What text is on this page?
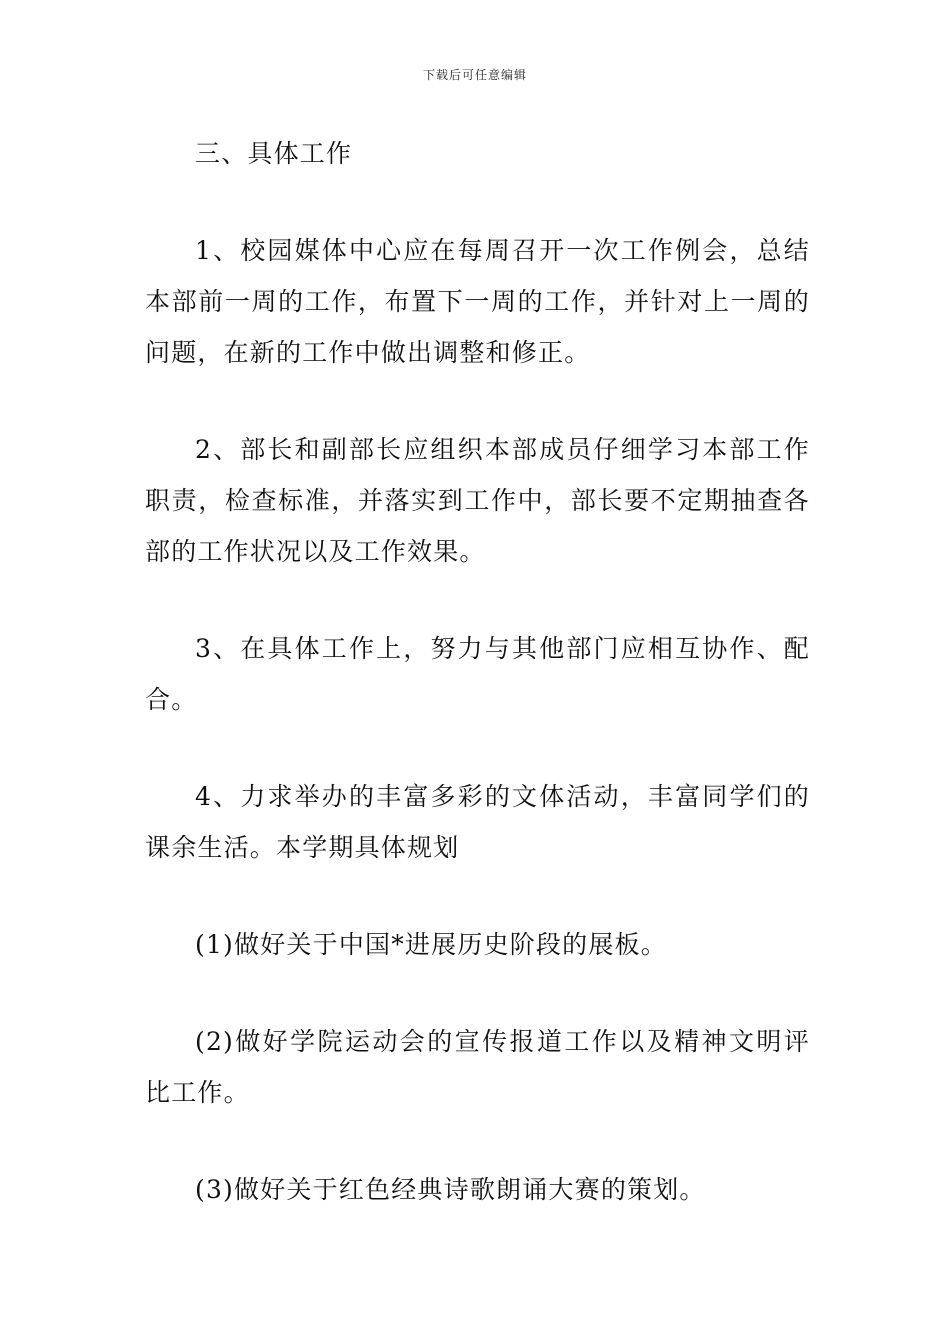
下载后可任意编辑

三、具体工作

1、校园媒体中心应在每周召开一次工作例会，总结本部前一周的工作，布置下一周的工作，并针对上一周的问题，在新的工作中做出调整和修正。

2、部长和副部长应组织本部成员仔细学习本部工作职责，检查标准，并落实到工作中，部长要不定期抽查各部的工作状况以及工作效果。

3、在具体工作上，努力与其他部门应相互协作、配合。

4、力求举办的丰富多彩的文体活动，丰富同学们的课余生活。本学期具体规划

(1)做好关于中国*进展历史阶段的展板。

(2)做好学院运动会的宣传报道工作以及精神文明评比工作。

(3)做好关于红色经典诗歌朗诵大赛的策划。
